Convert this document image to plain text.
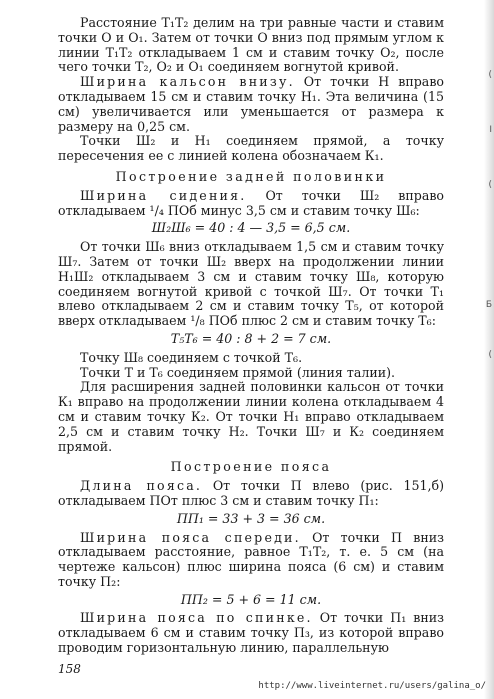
Расстояние Т₁Т₂ делим на три равные части и ставим точки О и О₁. Затем от точки О вниз под прямым углом к линии Т₁Т₂ откладываем 1 см и ставим точку О₂, после чего точки Т₂, О₂ и О₁ соединяем вогнутой кривой.

Ширина кальсон внизу. От точки Н вправо откладываем 15 см и ставим точку Н₁. Эта величина (15 см) увеличивается или уменьшается от размера к размеру на 0,25 см.

Точки Ш₂ и Н₁ соединяем прямой, а точку пересечения ее с линией колена обозначаем К₁.

Построение задней половинки

Ширина сидения. От точки Ш₂ вправо откладываем ¹/₄ ПОб минус 3,5 см и ставим точку Ш₆:

Ш₂Ш₆ = 40 : 4 — 3,5 = 6,5 см.

От точки Ш₆ вниз откладываем 1,5 см и ставим точку Ш₇. Затем от точки Ш₂ вверх на продолжении линии Н₁Ш₂ откладываем 3 см и ставим точку Ш₈, которую соединяем вогнутой кривой с точкой Ш₇. От точки Т₁ влево откладываем 2 см и ставим точку Т₅, от которой вверх откладываем ¹/₈ ПОб плюс 2 см и ставим точку Т₆:

Т₅Т₆ = 40 : 8 + 2 = 7 см.

Точку Ш₈ соединяем с точкой Т₆.

Точки Т и Т₆ соединяем прямой (линия талии).

Для расширения задней половинки кальсон от точки К₁ вправо на продолжении линии колена откладываем 4 см и ставим точку К₂. От точки Н₁ вправо откладываем 2,5 см и ставим точку Н₂. Точки Ш₇ и К₂ соединяем прямой.

Построение пояса

Длина пояса. От точки П влево (рис. 151,б) откладываем ПОт плюс 3 см и ставим точку П₁:

ПП₁ = 33 + 3 = 36 см.

Ширина пояса спереди. От точки П вниз откладываем расстояние, равное Т₁Т₂, т. е. 5 см (на чертеже кальсон) плюс ширина пояса (6 см) и ставим точку П₂:

ПП₂ = 5 + 6 = 11 см.

Ширина пояса по спинке. От точки П₁ вниз откладываем 6 см и ставим точку П₃, из которой вправо проводим горизонтальную линию, параллельную

(
I
(
Б
(
158
http://www.liveinternet.ru/users/galina_o/
